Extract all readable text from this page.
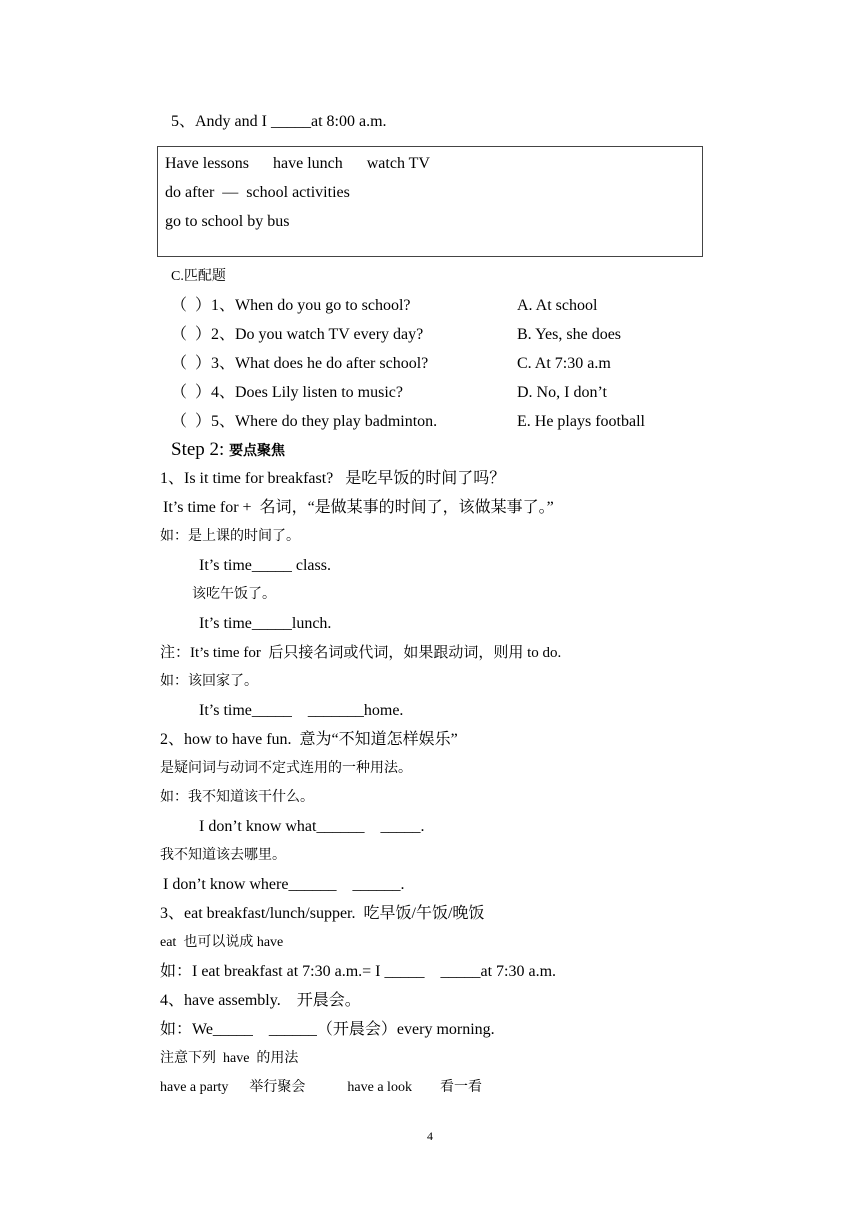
5、Andy and I _____at 8:00 a.m.
Have lessons      have lunch      watch TV
do after  —  school activities
go to school by bus
C.匹配题
（  ）1、When do you go to school?	A. At school
（  ）2、Do you watch TV every day?	B. Yes, she does
（  ）3、What does he do after school?	C. At 7:30 a.m
（  ）4、Does Lily listen to music?	D. No, I don’t
（  ）5、Where do they play badminton.	E. He plays football
Step 2: 要点聚焦
1、Is it time for breakfast?   是吃早饭的时间了吗？
It’s time for +  名词，“是做某事的时间了，该做某事了。”
如：是上课的时间了。
It’s time_____ class.
该吃午饭了。
It’s time_____lunch.
注：It’s time for  后只接名词或代词，如果跟动词，则用 to do.
如：该回家了。
It’s time_____    _______home.
2、how to have fun.  意为“不知道怎样娱乐”
是疑问词与动词不定式连用的一种用法。
如：我不知道该干什么。
I don’t know what______    _____.
我不知道该去哪里。
I don’t know where______    ______.
3、eat breakfast/lunch/supper.  吃早饭/午饭/晚饭
eat  也可以说成 have
如：I eat breakfast at 7:30 a.m.= I _____    _____at 7:30 a.m.
4、have assembly.    开晨会。
如：We_____    ______（开晨会）every morning.
注意下列  have  的用法
have a party      举行聚会            have a look        看一看
4
